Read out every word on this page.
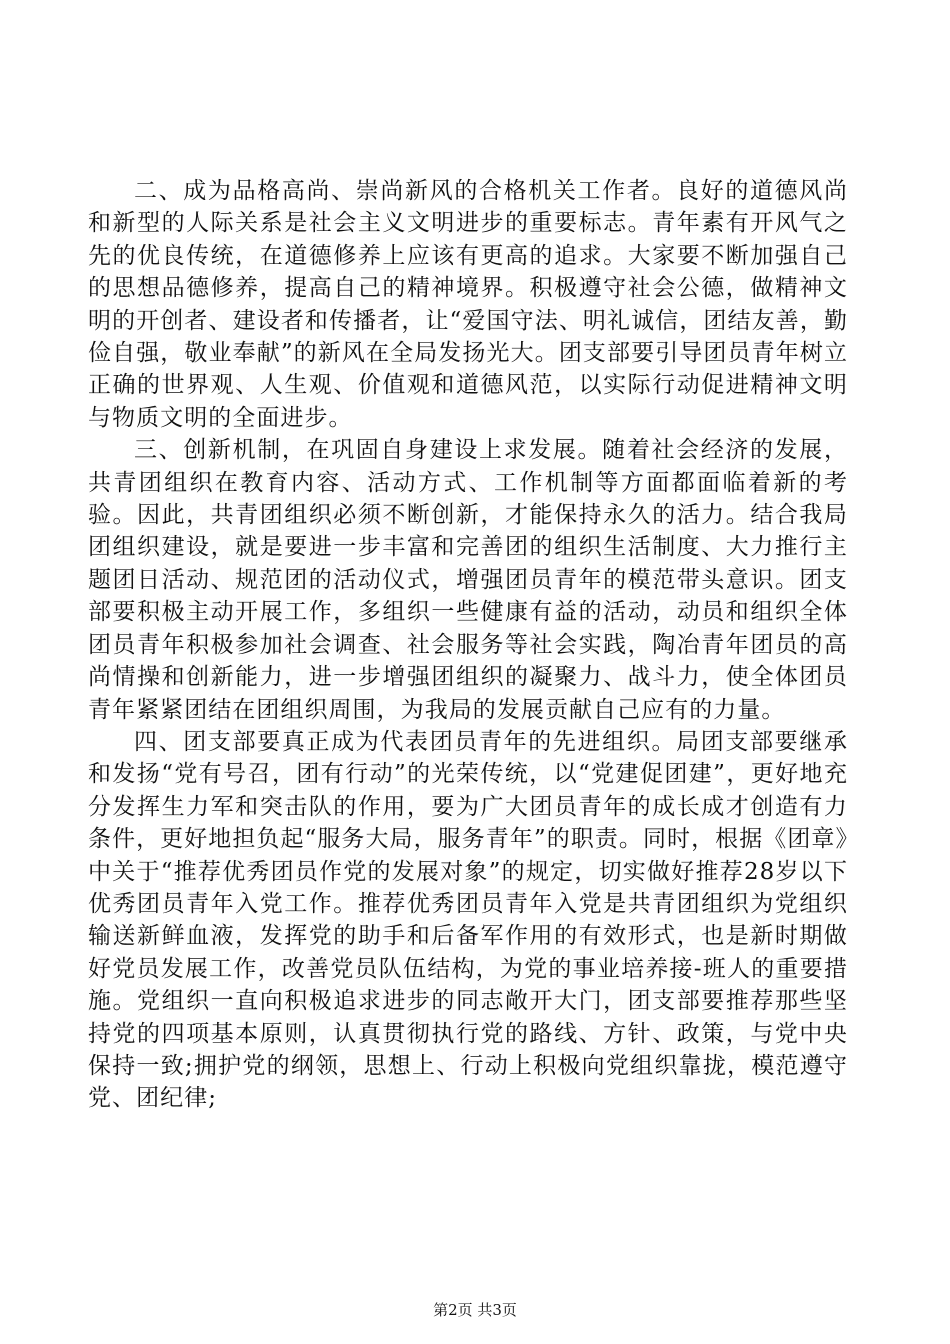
二、成为品格高尚、崇尚新风的合格机关工作者。良好的道德风尚和新型的人际关系是社会主义文明进步的重要标志。青年素有开风气之先的优良传统，在道德修养上应该有更高的追求。大家要不断加强自己的思想品德修养，提高自己的精神境界。积极遵守社会公德，做精神文明的开创者、建设者和传播者，让“爱国守法、明礼诚信，团结友善，勤俭自强，敬业奉献”的新风在全局发扬光大。团支部要引导团员青年树立正确的世界观、人生观、价值观和道德风范，以实际行动促进精神文明与物质文明的全面进步。

三、创新机制，在巩固自身建设上求发展。随着社会经济的发展，共青团组织在教育内容、活动方式、工作机制等方面都面临着新的考验。因此，共青团组织必须不断创新，才能保持永久的活力。结合我局团组织建设，就是要进一步丰富和完善团的组织生活制度、大力推行主题团日活动、规范团的活动仪式，增强团员青年的模范带头意识。团支部要积极主动开展工作，多组织一些健康有益的活动，动员和组织全体团员青年积极参加社会调查、社会服务等社会实践，陶冶青年团员的高尚情操和创新能力，进一步增强团组织的凝聚力、战斗力，使全体团员青年紧紧团结在团组织周围，为我局的发展贡献自己应有的力量。

四、团支部要真正成为代表团员青年的先进组织。局团支部要继承和发扬“党有号召，团有行动”的光荣传统，以“党建促团建”，更好地充分发挥生力军和突击队的作用，要为广大团员青年的成长成才创造有力条件，更好地担负起“服务大局，服务青年”的职责。同时，根据《团章》中关于“推荐优秀团员作党的发展对象”的规定，切实做好推荐28岁以下优秀团员青年入党工作。推荐优秀团员青年入党是共青团组织为党组织输送新鲜血液，发挥党的助手和后备军作用的有效形式，也是新时期做好党员发展工作，改善党员队伍结构，为党的事业培养接-班人的重要措施。党组织一直向积极追求进步的同志敞开大门，团支部要推荐那些坚持党的四项基本原则，认真贯彻执行党的路线、方针、政策，与党中央保持一致;拥护党的纲领，思想上、行动上积极向党组织靠拢，模范遵守党、团纪律;

第2页 共3页
